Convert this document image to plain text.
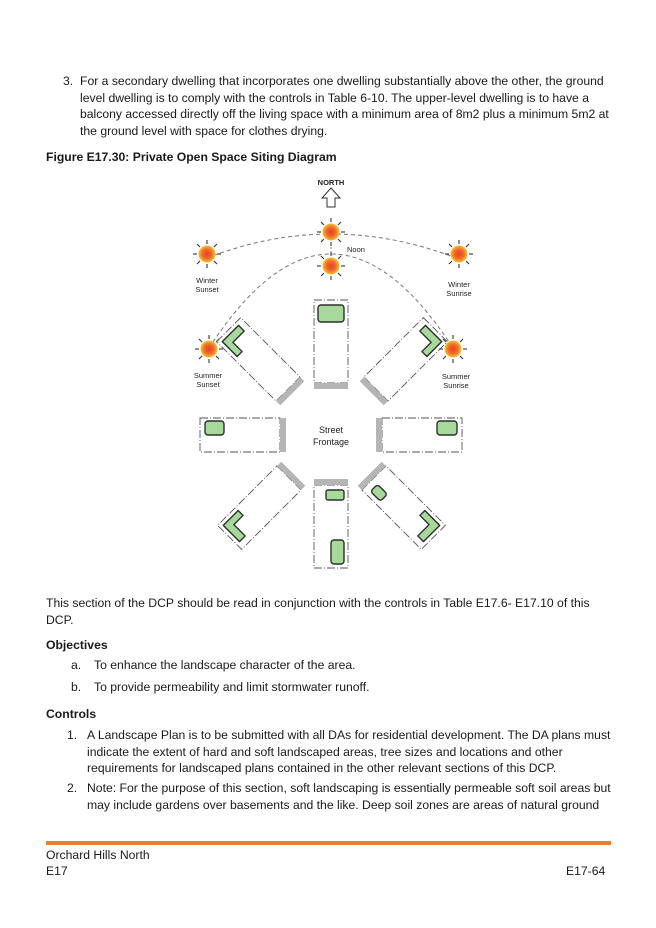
3. For a secondary dwelling that incorporates one dwelling substantially above the other, the ground
level dwelling is to comply with the controls in Table 6-10. The upper-level dwelling is to have a
balcony accessed directly off the living space with a minimum area of 8m2 plus a minimum 5m2 at
the ground level with space for clothes drying.
Figure E17.30: Private Open Space Siting Diagram
NORTH
Noon
Winter
Sunset
Winter
Sunrise
Summer
Sunset
Summer
Sunrise
Street
Frontage
This section of the DCP should be read in conjunction with the controls in Table E17.6- E17.10 of this
DCP.
Objectives
a. To enhance the landscape character of the area.
b. To provide permeability and limit stormwater runoff.
Controls
1. A Landscape Plan is to be submitted with all DAs for residential development. The DA plans must
indicate the extent of hard and soft landscaped areas, tree sizes and locations and other
requirements for landscaped plans contained in the other relevant sections of this DCP.
2. Note: For the purpose of this section, soft landscaping is essentially permeable soft soil areas but
may include gardens over basements and the like. Deep soil zones are areas of natural ground
Orchard Hills North
E17	E17-64
